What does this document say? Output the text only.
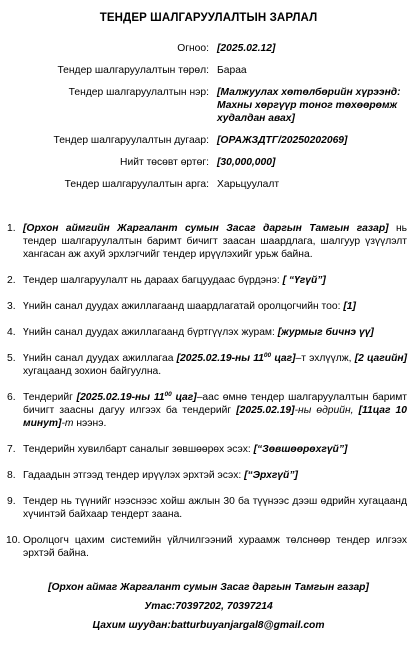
ТЕНДЕР ШАЛГАРУУЛАЛТЫН ЗАРЛАЛ
Огноо:	[2025.02.12]
Тендер шалгаруулалтын төрөл:	Бараа
Тендер шалгаруулалтын нэр:	[Малжуулах хөтөлбөрийн хүрээнд: Махны хөргүүр тоног төхөөрөмж худалдан авах]
Тендер шалгаруулалтын дугаар:	[ОРАЖЗДТГ/20250202069]
Нийт төсөвт өртөг:	[30,000,000]
Тендер шалгаруулалтын арга:	Харьцуулалт
1. [Орхон аймгийн Жаргалант сумын Засаг даргын Тамгын газар] нь тендер шалгаруулалтын баримт бичигт заасан шаардлага, шалгуур үзүүлэлт хангасан аж ахуй эрхлэгчийг тендер ирүүлэхийг урьж байна.
2. Тендер шалгаруулалт нь дараах багцуудаас бүрдэнэ: [ “Үгүй”]
3. Үнийн санал дуудах ажиллагаанд шаардлагатай оролцогчийн тоо: [1]
4. Үнийн санал дуудах ажиллагаанд бүртгүүлэх журам: [журмыг бичнэ үү]
5. Үнийн санал дуудах ажиллагаа [2025.02.19-ны $11^{00}$ цаг]–т эхлүүлж, [2 цагийн] хугацаанд зохион байгуулна.
6. Тендерийг [2025.02.19-ны $11^{00}$ цаг]–аас өмнө тендер шалгаруулалтын баримт бичигт заасны дагуу илгээх ба тендерийг [2025.02.19]-ны өдрийн, [11цаг 10 минут]-т нээнэ.
7. Тендерийн хувилбарт саналыг зөвшөөрөх эсэх: [“Зөвшөөрөхгүй”]
8. Гадаадын этгээд тендер ирүүлэх эрхтэй эсэх: [“Эрхгүй”]
9. Тендер нь түүнийг нээснээс хойш ажлын 30 ба түүнээс дээш өдрийн хугацаанд хүчинтэй байхаар тендерт заана.
10. Оролцогч цахим системийн үйлчилгээний хураамж төлснөөр тендер илгээх эрхтэй байна.
[Орхон аймаг Жаргалант сумын Засаг даргын Тамгын газар]
Утас:70397202, 70397214
Цахим шуудан:batturbuyanjargal8@gmail.com
